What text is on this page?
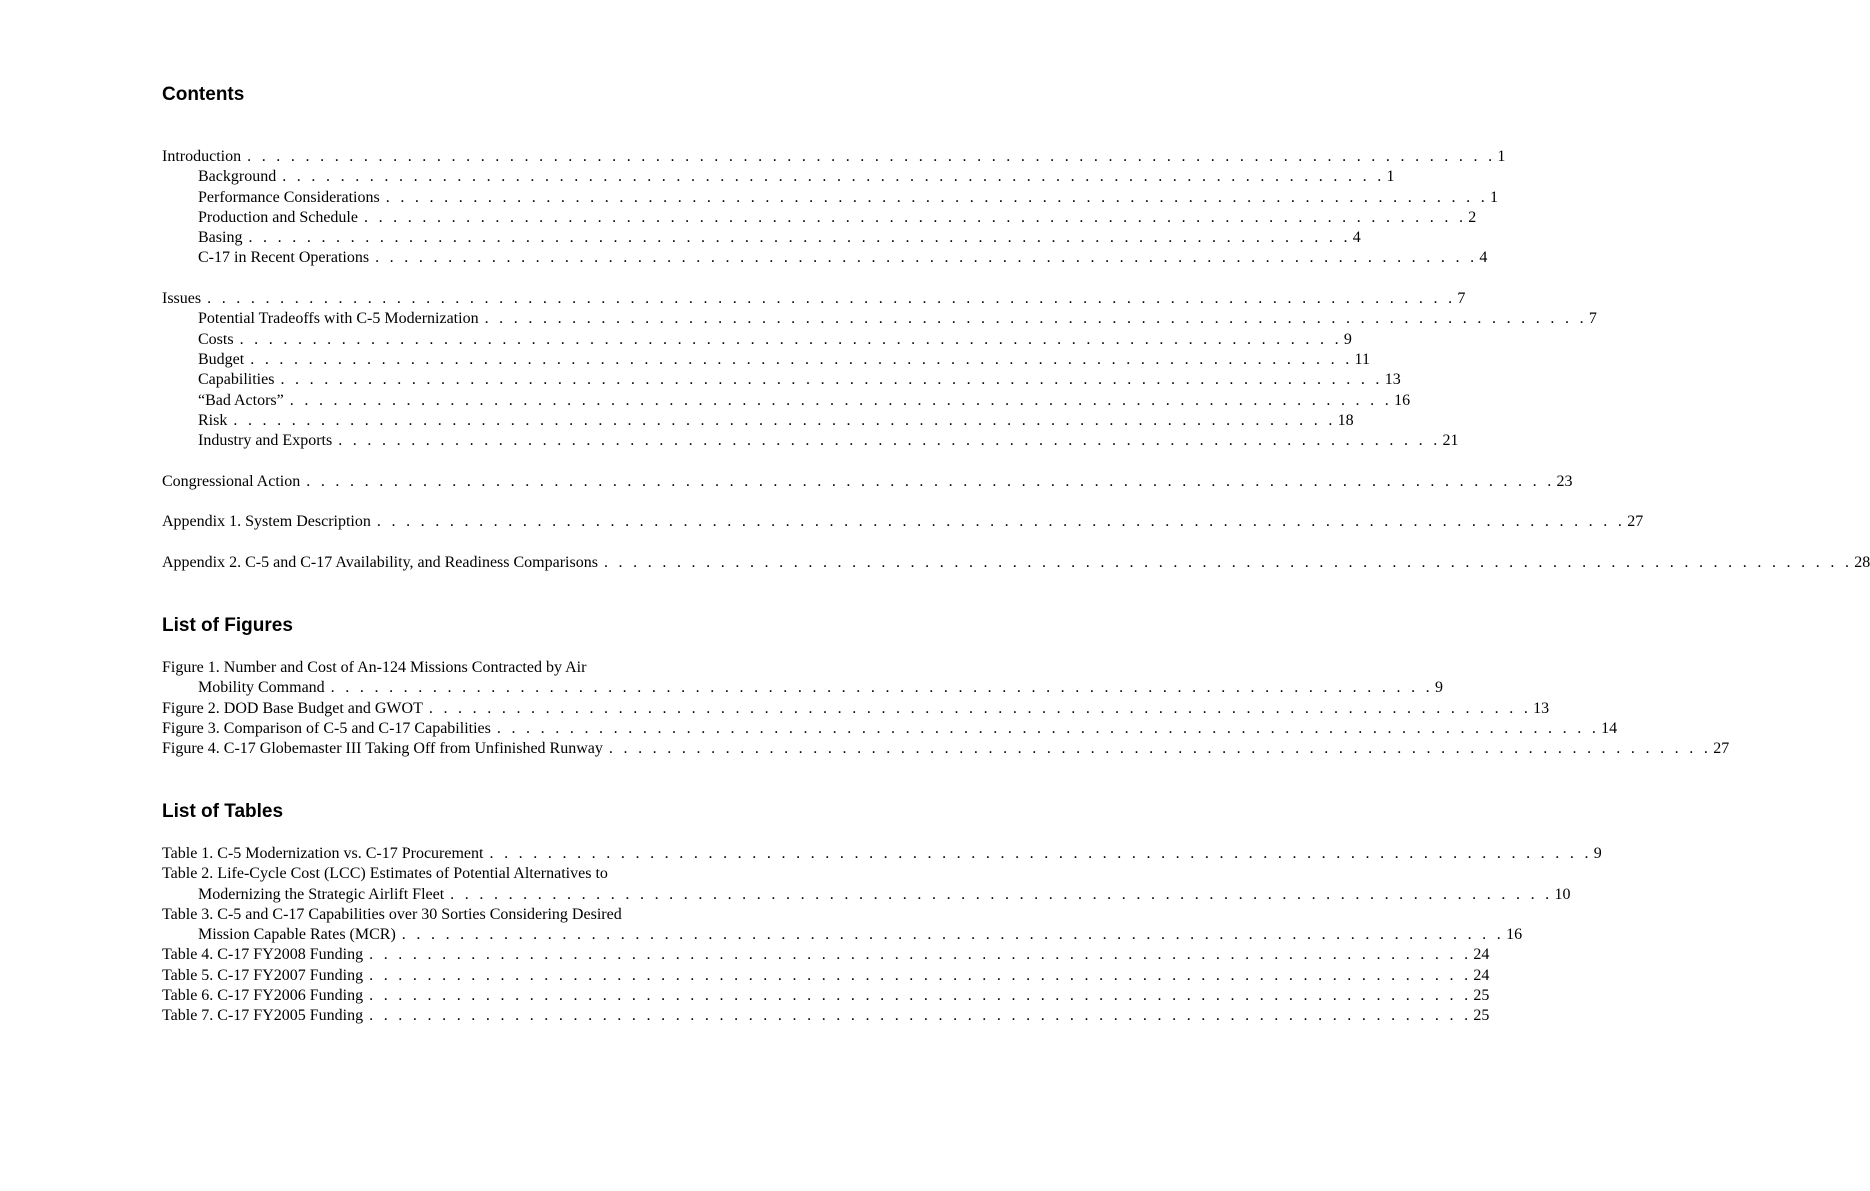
Contents
Introduction . . . . . . . . . . . . . . . . . . . . . . . . . . . . . . . . . . . . . . . . . . . . . . . . . . . . . . . . . . . . . . . . . . . . . . . . . . . . . . . . . . . . . . 1
Background . . . . . . . . . . . . . . . . . . . . . . . . . . . . . . . . . . . . . . . . . . . . . . . . . . . . . . . . . . . . . . . . . . . . . . . . . . . . 1
Performance Considerations . . . . . . . . . . . . . . . . . . . . . . . . . . . . . . . . . . . . . . . . . . . . . . . . . . . . . . . . . . . . . . . . . . . . . . . . . . . . 1
Production and Schedule . . . . . . . . . . . . . . . . . . . . . . . . . . . . . . . . . . . . . . . . . . . . . . . . . . . . . . . . . . . . . . . . . . . . . . . . . . . . 2
Basing . . . . . . . . . . . . . . . . . . . . . . . . . . . . . . . . . . . . . . . . . . . . . . . . . . . . . . . . . . . . . . . . . . . . . . . . . . . . 4
C-17 in Recent Operations . . . . . . . . . . . . . . . . . . . . . . . . . . . . . . . . . . . . . . . . . . . . . . . . . . . . . . . . . . . . . . . . . . . . . . . . . . . . 4
Issues . . . . . . . . . . . . . . . . . . . . . . . . . . . . . . . . . . . . . . . . . . . . . . . . . . . . . . . . . . . . . . . . . . . . . . . . . . . . . . . . . . . . . . 7
Potential Tradeoffs with C-5 Modernization . . . . . . . . . . . . . . . . . . . . . . . . . . . . . . . . . . . . . . . . . . . . . . . . . . . . . . . . . . . . . . . . . . . . . . . . . . . . 7
Costs . . . . . . . . . . . . . . . . . . . . . . . . . . . . . . . . . . . . . . . . . . . . . . . . . . . . . . . . . . . . . . . . . . . . . . . . . . . . 9
Budget . . . . . . . . . . . . . . . . . . . . . . . . . . . . . . . . . . . . . . . . . . . . . . . . . . . . . . . . . . . . . . . . . . . . . . . . . . . . 11
Capabilities . . . . . . . . . . . . . . . . . . . . . . . . . . . . . . . . . . . . . . . . . . . . . . . . . . . . . . . . . . . . . . . . . . . . . . . . . . . . 13
“Bad Actors” . . . . . . . . . . . . . . . . . . . . . . . . . . . . . . . . . . . . . . . . . . . . . . . . . . . . . . . . . . . . . . . . . . . . . . . . . . . . 16
Risk . . . . . . . . . . . . . . . . . . . . . . . . . . . . . . . . . . . . . . . . . . . . . . . . . . . . . . . . . . . . . . . . . . . . . . . . . . . . 18
Industry and Exports . . . . . . . . . . . . . . . . . . . . . . . . . . . . . . . . . . . . . . . . . . . . . . . . . . . . . . . . . . . . . . . . . . . . . . . . . . . . 21
Congressional Action . . . . . . . . . . . . . . . . . . . . . . . . . . . . . . . . . . . . . . . . . . . . . . . . . . . . . . . . . . . . . . . . . . . . . . . . . . . . . . . . . . . . . . 23
Appendix 1. System Description . . . . . . . . . . . . . . . . . . . . . . . . . . . . . . . . . . . . . . . . . . . . . . . . . . . . . . . . . . . . . . . . . . . . . . . . . . . . . . . . . . . . . . 27
Appendix 2. C-5 and C-17 Availability, and Readiness Comparisons . . . . . . . . . . . . . . . . . . . . . . . . . . . . . . . . . . . . . . . . . . . . . . . . . . . . . . . . . . . . . . . . . . . . . . . . . . . . . . . . . . . . . . 28
List of Figures
Figure 1. Number and Cost of An-124 Missions Contracted by Air
Mobility Command . . . . . . . . . . . . . . . . . . . . . . . . . . . . . . . . . . . . . . . . . . . . . . . . . . . . . . . . . . . . . . . . . . . . . . . . . . . . 9
Figure 2. DOD Base Budget and GWOT . . . . . . . . . . . . . . . . . . . . . . . . . . . . . . . . . . . . . . . . . . . . . . . . . . . . . . . . . . . . . . . . . . . . . . . . . . . . 13
Figure 3. Comparison of C-5 and C-17 Capabilities . . . . . . . . . . . . . . . . . . . . . . . . . . . . . . . . . . . . . . . . . . . . . . . . . . . . . . . . . . . . . . . . . . . . . . . . . . . . 14
Figure 4. C-17 Globemaster III Taking Off from Unfinished Runway . . . . . . . . . . . . . . . . . . . . . . . . . . . . . . . . . . . . . . . . . . . . . . . . . . . . . . . . . . . . . . . . . . . . . . . . . . . . 27
List of Tables
Table 1. C-5 Modernization vs. C-17 Procurement . . . . . . . . . . . . . . . . . . . . . . . . . . . . . . . . . . . . . . . . . . . . . . . . . . . . . . . . . . . . . . . . . . . . . . . . . . . . 9
Table 2. Life-Cycle Cost (LCC) Estimates of Potential Alternatives to
Modernizing the Strategic Airlift Fleet . . . . . . . . . . . . . . . . . . . . . . . . . . . . . . . . . . . . . . . . . . . . . . . . . . . . . . . . . . . . . . . . . . . . . . . . . . . . 10
Table 3. C-5 and C-17 Capabilities over 30 Sorties Considering Desired
Mission Capable Rates (MCR) . . . . . . . . . . . . . . . . . . . . . . . . . . . . . . . . . . . . . . . . . . . . . . . . . . . . . . . . . . . . . . . . . . . . . . . . . . . . 16
Table 4. C-17 FY2008 Funding . . . . . . . . . . . . . . . . . . . . . . . . . . . . . . . . . . . . . . . . . . . . . . . . . . . . . . . . . . . . . . . . . . . . . . . . . . . . 24
Table 5. C-17 FY2007 Funding . . . . . . . . . . . . . . . . . . . . . . . . . . . . . . . . . . . . . . . . . . . . . . . . . . . . . . . . . . . . . . . . . . . . . . . . . . . . 24
Table 6. C-17 FY2006 Funding . . . . . . . . . . . . . . . . . . . . . . . . . . . . . . . . . . . . . . . . . . . . . . . . . . . . . . . . . . . . . . . . . . . . . . . . . . . . 25
Table 7. C-17 FY2005 Funding . . . . . . . . . . . . . . . . . . . . . . . . . . . . . . . . . . . . . . . . . . . . . . . . . . . . . . . . . . . . . . . . . . . . . . . . . . . . 25
